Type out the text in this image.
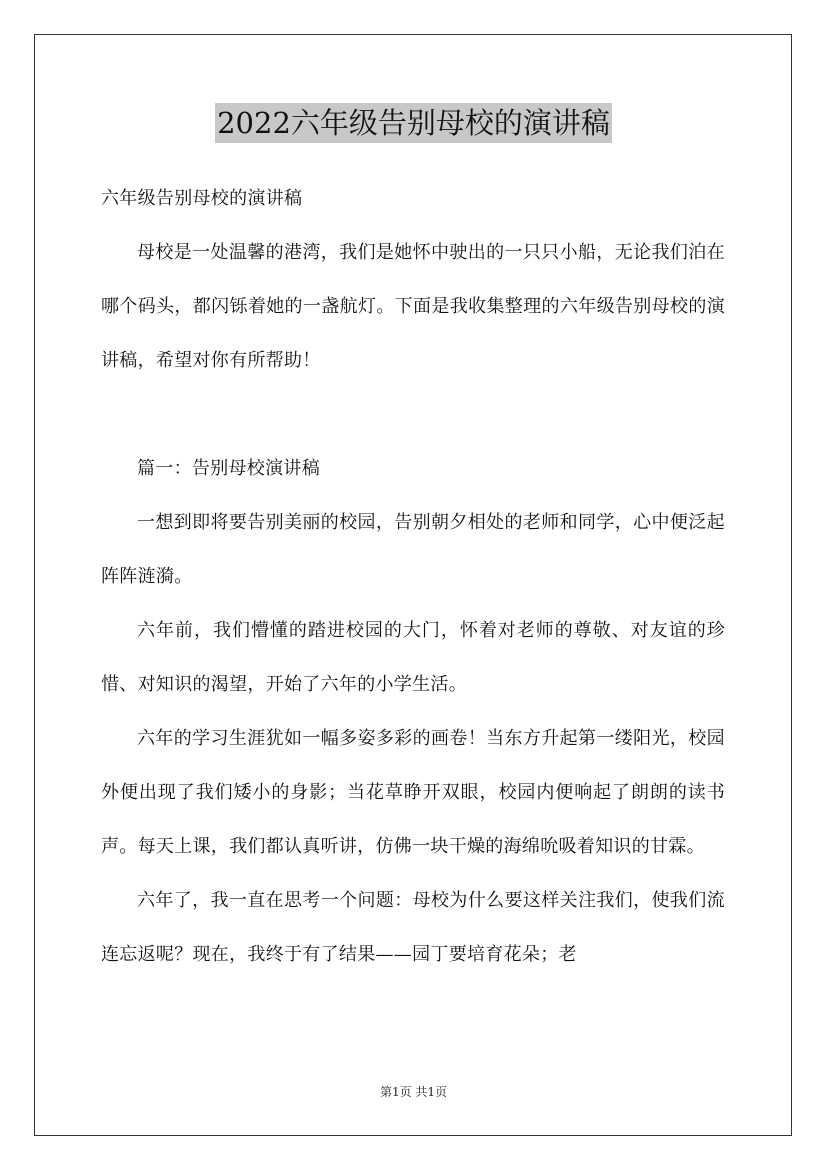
2022六年级告别母校的演讲稿

六年级告别母校的演讲稿

母校是一处温馨的港湾，我们是她怀中驶出的一只只小船，无论我们泊在哪个码头，都闪铄着她的一盏航灯。下面是我收集整理的六年级告别母校的演讲稿，希望对你有所帮助！

篇一：告别母校演讲稿

一想到即将要告别美丽的校园，告别朝夕相处的老师和同学，心中便泛起阵阵涟漪。

六年前，我们懵懂的踏进校园的大门，怀着对老师的尊敬、对友谊的珍惜、对知识的渴望，开始了六年的小学生活。

六年的学习生涯犹如一幅多姿多彩的画卷！当东方升起第一缕阳光，校园外便出现了我们矮小的身影；当花草睁开双眼，校园内便响起了朗朗的读书声。每天上课，我们都认真听讲，仿佛一块干燥的海绵吮吸着知识的甘霖。

六年了，我一直在思考一个问题：母校为什么要这样关注我们，使我们流连忘返呢？现在，我终于有了结果——园丁要培育花朵；老

第1页 共1页
